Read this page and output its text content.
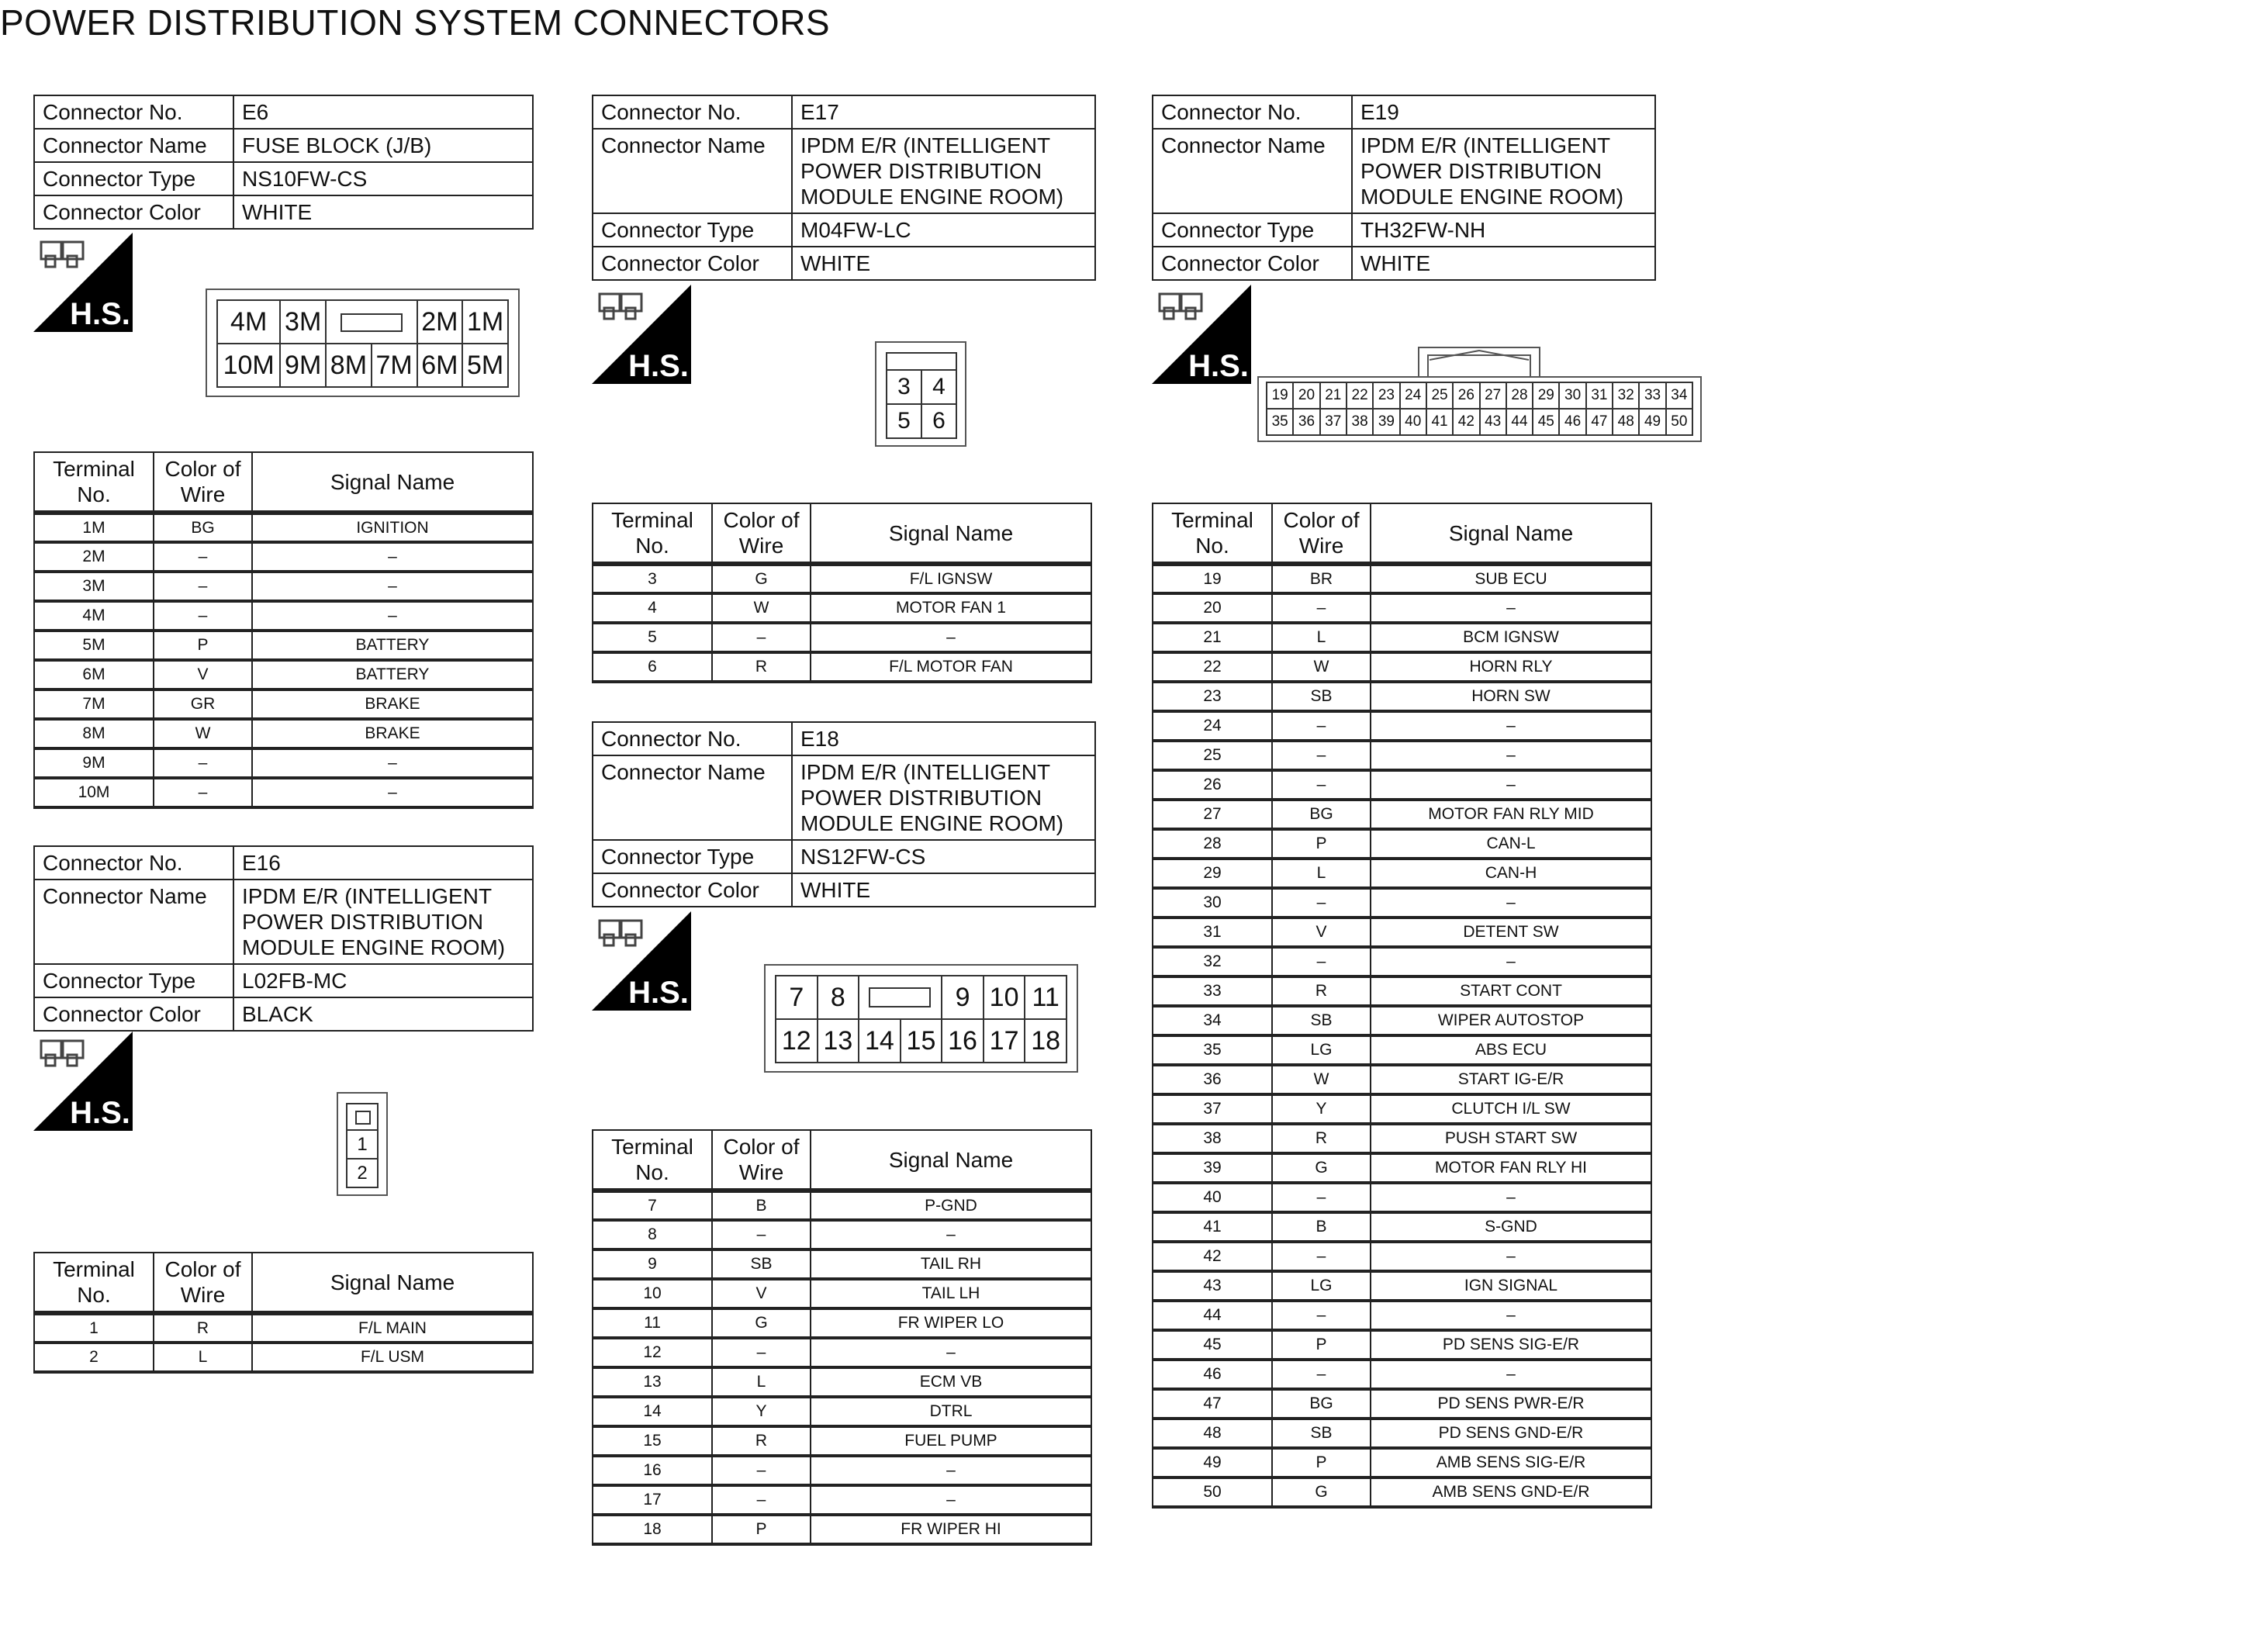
POWER DISTRIBUTION SYSTEM CONNECTORS
Connector No.	E6
Connector Name	FUSE BLOCK (J/B)
Connector Type	NS10FW-CS
Connector Color	WHITE
Connector No.	E16
Connector Name	IPDM E/R (INTELLIGENT
POWER DISTRIBUTION
MODULE ENGINE ROOM)

Connector Type	L02FB-MC
Connector Color	BLACK
Connector No.	E17
Connector Name	IPDM E/R (INTELLIGENT
POWER DISTRIBUTION
MODULE ENGINE ROOM)

Connector Type	M04FW-LC
Connector Color	WHITE
Connector No.	E18
Connector Name	IPDM E/R (INTELLIGENT
POWER DISTRIBUTION
MODULE ENGINE ROOM)

Connector Type	NS12FW-CS
Connector Color	WHITE
Connector No.	E19
Connector Name	IPDM E/R (INTELLIGENT
POWER DISTRIBUTION
MODULE ENGINE ROOM)

Connector Type	TH32FW-NH
Connector Color	WHITE
H.S.
H.S.
H.S.
H.S.
H.S.
4M	3M			2M	1M
10M	9M	8M	7M	6M	5M

1
2

3	4
5	6
7	8			9	10	11
12	13	14	15	16	17	18
19	20	21	22	23	24	25	26	27	28	29	30	31	32	33	34
35	36	37	38	39	40	41	42	43	44	45	46	47	48	49	50
Terminal No.	Color of Wire	Signal Name
1M	BG	IGNITION
2M	–	–
3M	–	–
4M	–	–
5M	P	BATTERY
6M	V	BATTERY
7M	GR	BRAKE
8M	W	BRAKE
9M	–	–
10M	–	–
Terminal No.	Color of Wire	Signal Name
1	R	F/L MAIN
2	L	F/L USM
Terminal No.	Color of Wire	Signal Name
3	G	F/L IGNSW
4	W	MOTOR FAN 1
5	–	–
6	R	F/L MOTOR FAN
Terminal No.	Color of Wire	Signal Name
7	B	P-GND
8	–	–
9	SB	TAIL RH
10	V	TAIL LH
11	G	FR WIPER LO
12	–	–
13	L	ECM VB
14	Y	DTRL
15	R	FUEL PUMP
16	–	–
17	–	–
18	P	FR WIPER HI
Terminal No.	Color of Wire	Signal Name
19	BR	SUB ECU
20	–	–
21	L	BCM IGNSW
22	W	HORN RLY
23	SB	HORN SW
24	–	–
25	–	–
26	–	–
27	BG	MOTOR FAN RLY MID
28	P	CAN-L
29	L	CAN-H
30	–	–
31	V	DETENT SW
32	–	–
33	R	START CONT
34	SB	WIPER AUTOSTOP
35	LG	ABS ECU
36	W	START IG-E/R
37	Y	CLUTCH I/L SW
38	R	PUSH START SW
39	G	MOTOR FAN RLY HI
40	–	–
41	B	S-GND
42	–	–
43	LG	IGN SIGNAL
44	–	–
45	P	PD SENS SIG-E/R
46	–	–
47	BG	PD SENS PWR-E/R
48	SB	PD SENS GND-E/R
49	P	AMB SENS SIG-E/R
50	G	AMB SENS GND-E/R
